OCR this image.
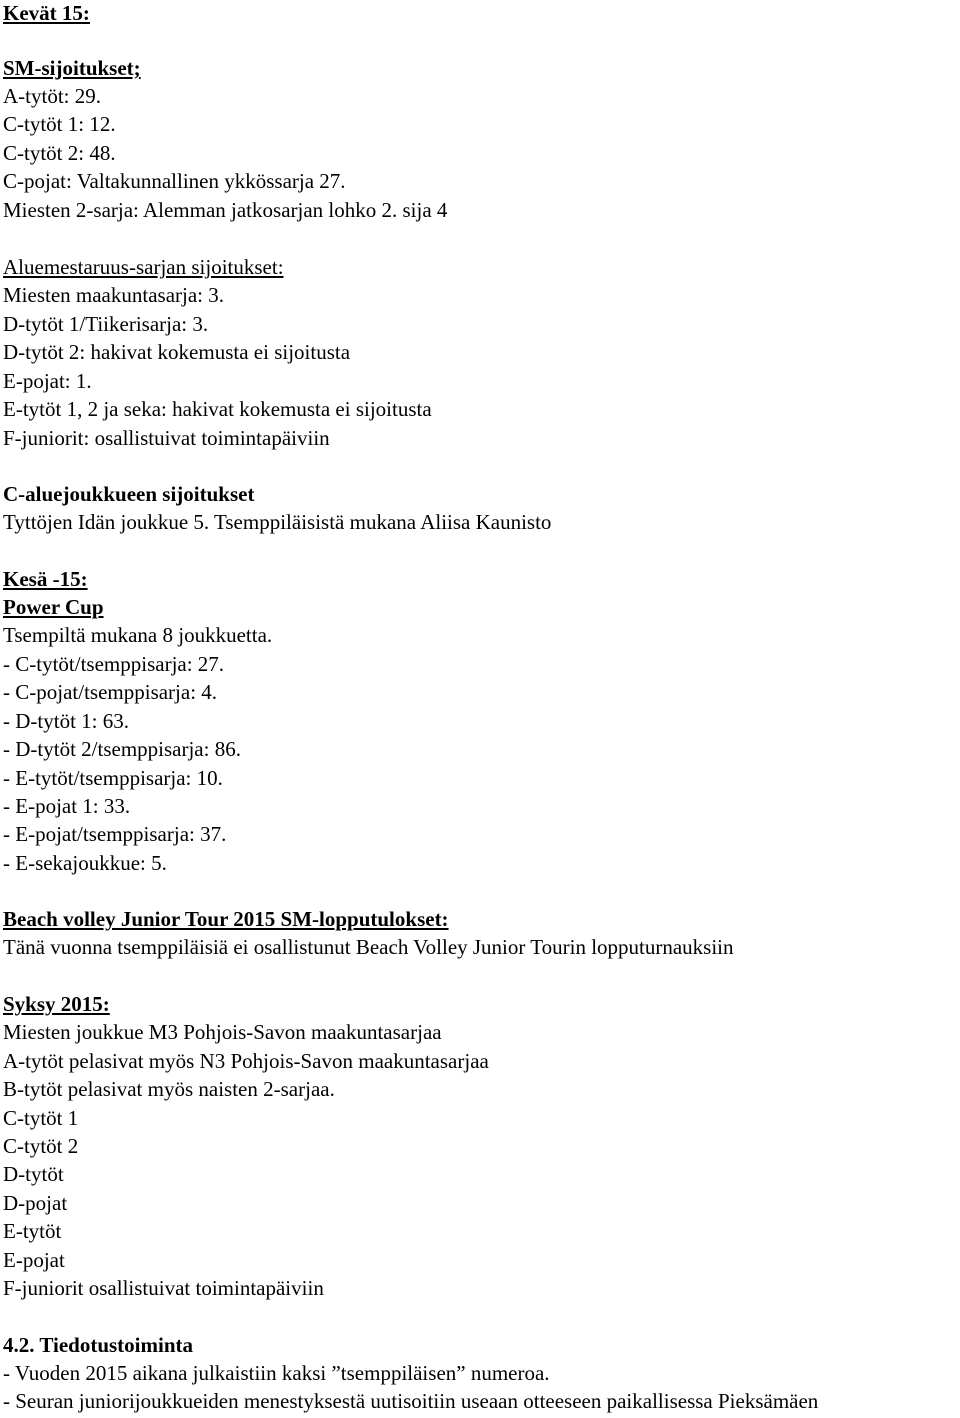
Kevät 15:

SM-sijoitukset;

A-tytöt: 29.

C-tytöt 1: 12.

C-tytöt 2: 48.

C-pojat: Valtakunnallinen ykkössarja 27.

Miesten 2-sarja: Alemman jatkosarjan lohko 2. sija 4

Aluemestaruus-sarjan sijoitukset:

Miesten maakuntasarja: 3.

D-tytöt 1/Tiikerisarja: 3.

D-tytöt 2: hakivat kokemusta ei sijoitusta

E-pojat: 1.

E-tytöt 1, 2 ja seka: hakivat kokemusta ei sijoitusta

F-juniorit: osallistuivat toimintapäiviin

C-aluejoukkueen sijoitukset

Tyttöjen Idän joukkue 5. Tsemppiläisistä mukana Aliisa Kaunisto

Kesä -15:

Power Cup

Tsempiltä mukana 8 joukkuetta.

- C-tytöt/tsemppisarja: 27.

- C-pojat/tsemppisarja: 4.

- D-tytöt 1: 63.

- D-tytöt 2/tsemppisarja: 86.

- E-tytöt/tsemppisarja: 10.

- E-pojat 1: 33.

- E-pojat/tsemppisarja: 37.

- E-sekajoukkue: 5.

Beach volley Junior Tour 2015 SM-lopputulokset:

Tänä vuonna tsemppiläisiä ei osallistunut Beach Volley Junior Tourin lopputurnauksiin

Syksy 2015:

Miesten joukkue M3 Pohjois-Savon maakuntasarjaa

A-tytöt pelasivat myös N3 Pohjois-Savon maakuntasarjaa

B-tytöt pelasivat myös naisten 2-sarjaa.

C-tytöt 1

C-tytöt 2

D-tytöt

D-pojat

E-tytöt

E-pojat

F-juniorit osallistuivat toimintapäiviin

4.2. Tiedotustoiminta

- Vuoden 2015 aikana julkaistiin kaksi ”tsemppiläisen” numeroa.

- Seuran juniorijoukkueiden menestyksestä uutisoitiin useaan otteeseen paikallisessa Pieksämäen
